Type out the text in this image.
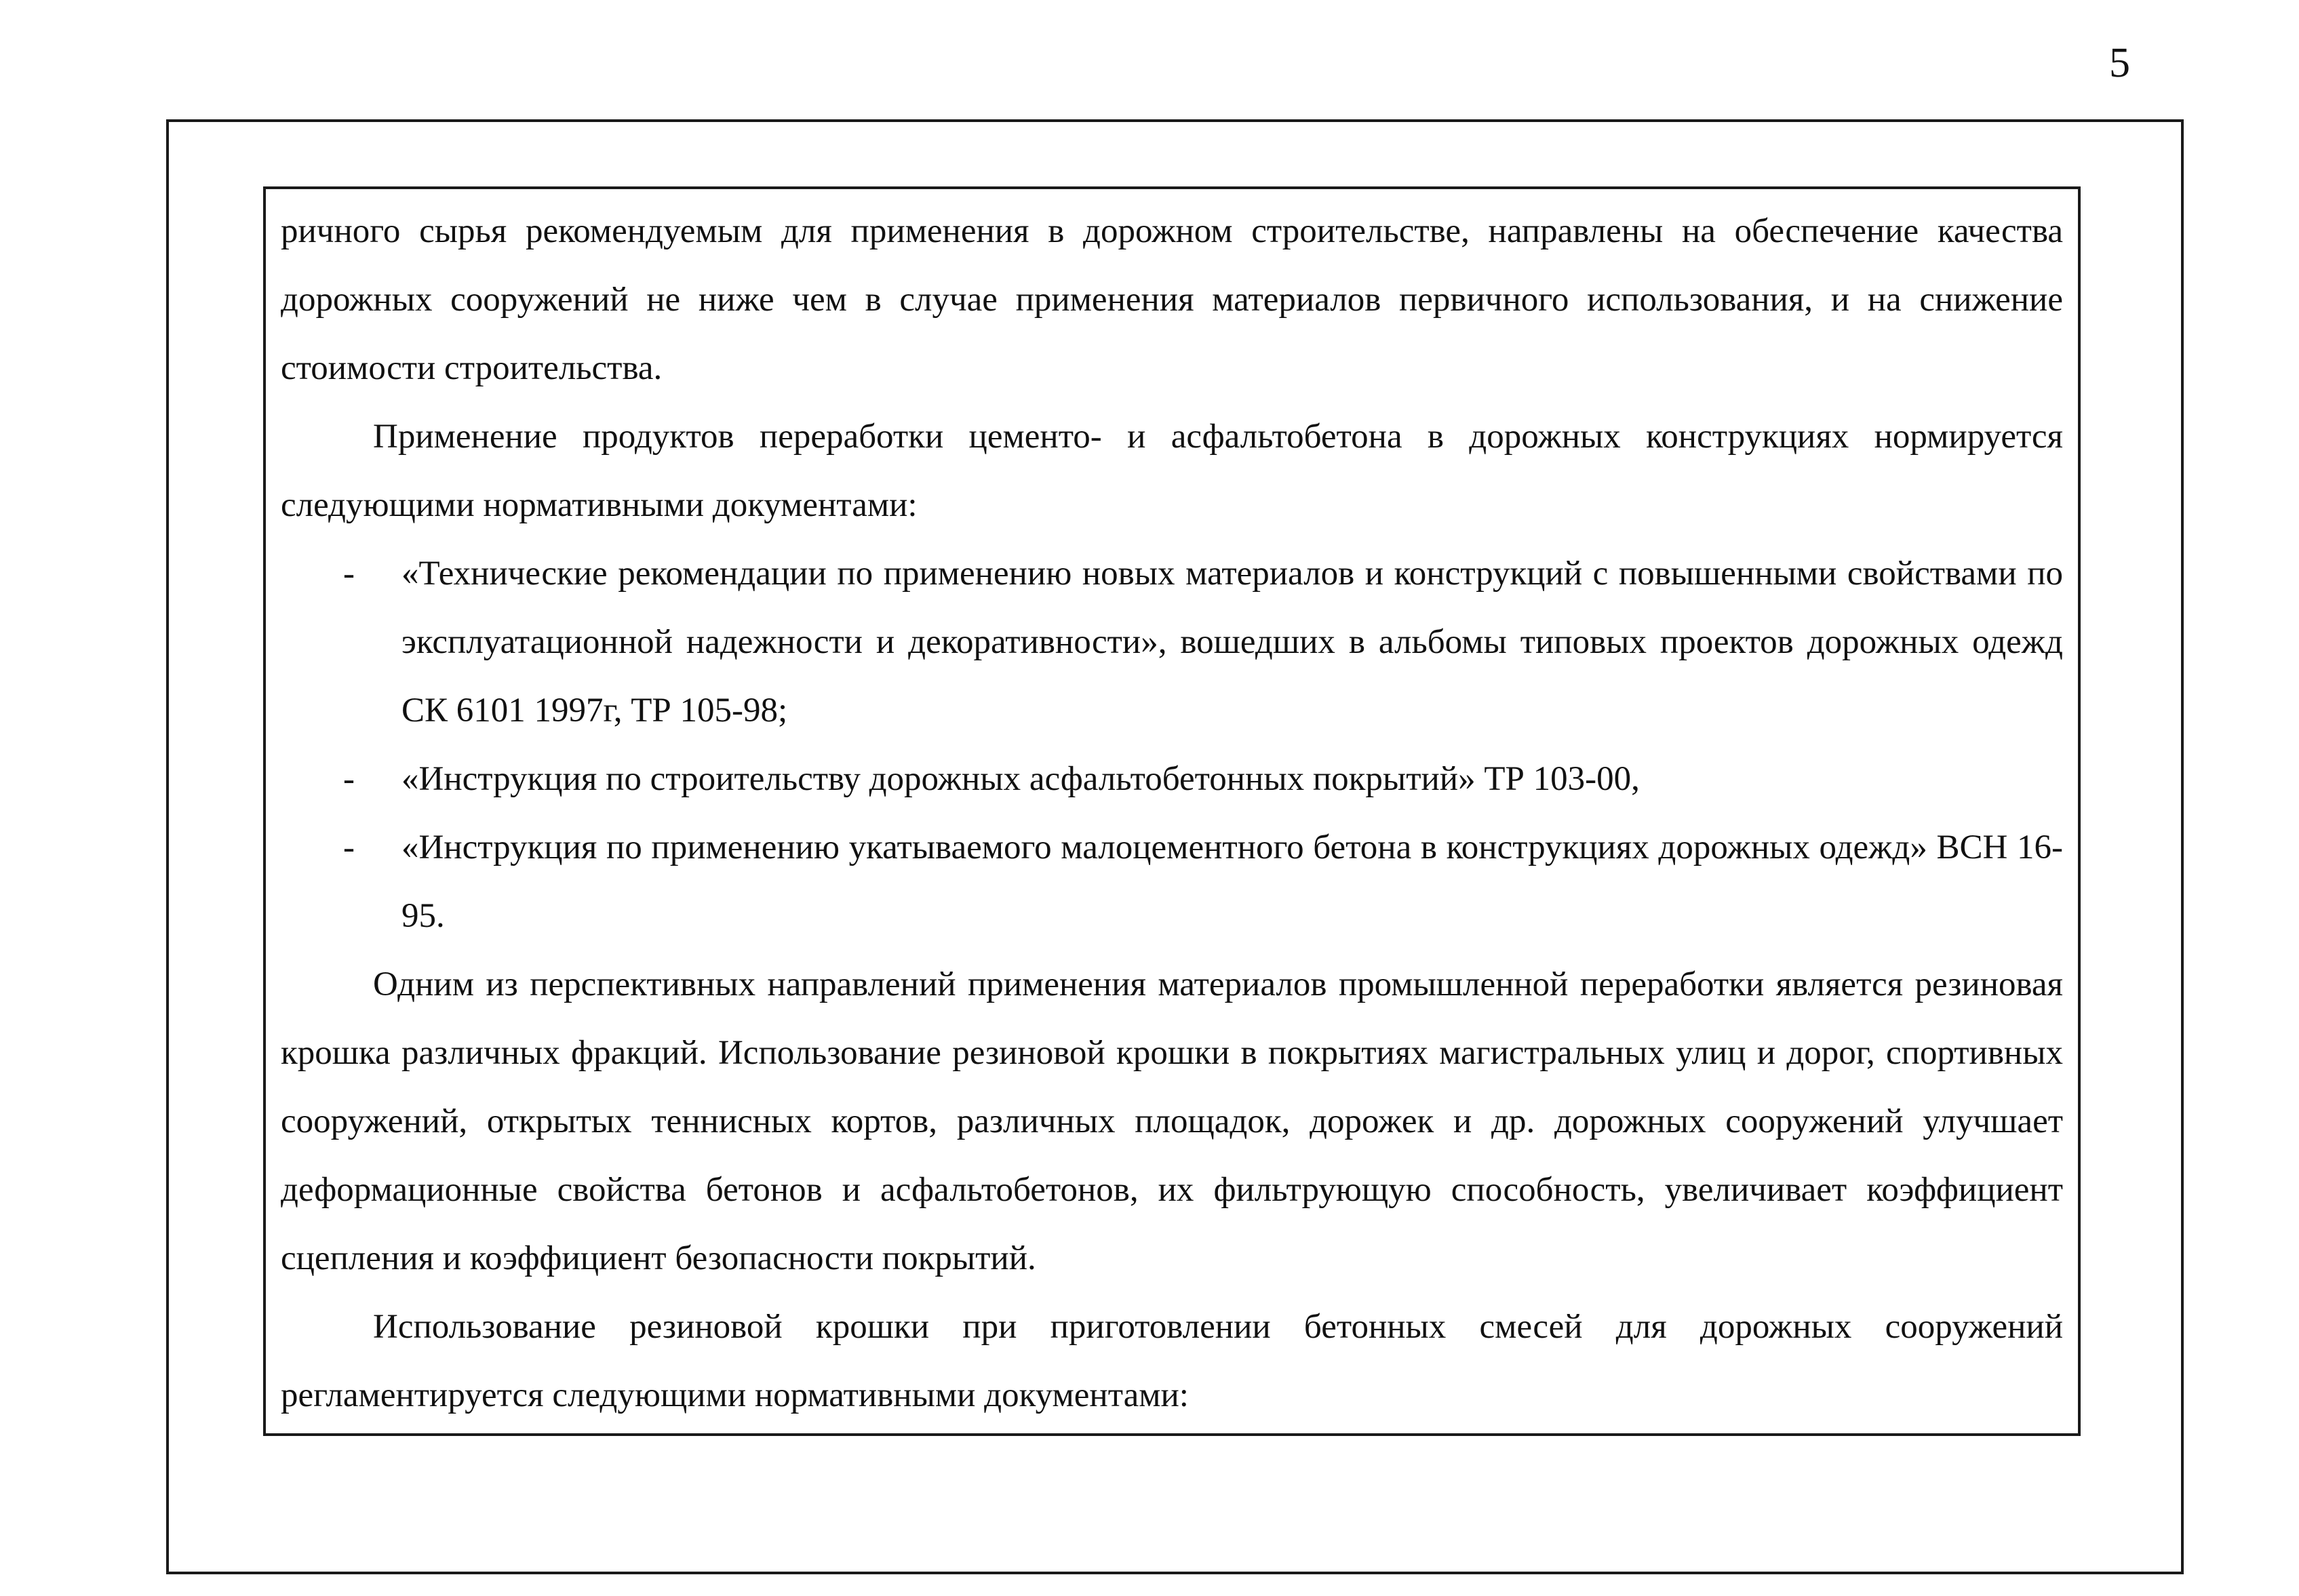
5

ричного сырья рекомендуемым для применения в дорожном строительстве, направлены на обеспечение качества дорожных сооружений не ниже чем в случае применения материалов первичного использования, и на снижение стоимости строительства.

Применение продуктов переработки цементо- и асфальтобетона в дорожных конструкциях нормируется следующими нормативными документами:

- «Технические рекомендации по применению новых материалов и конструкций с повышенными свойствами по эксплуатационной надежности и декоративности», вошедших в альбомы типовых проектов дорожных одежд СК 6101 1997г, ТР 105-98;
- «Инструкция по строительству дорожных асфальтобетонных покрытий» ТР 103-00,
- «Инструкция по применению укатываемого малоцементного бетона в конструкциях дорожных одежд» ВСН 16-95.

Одним из перспективных направлений применения материалов промышленной переработки является резиновая крошка различных фракций. Использование резиновой крошки в покрытиях магистральных улиц и дорог, спортивных сооружений, открытых теннисных кортов, различных площадок, дорожек и др. дорожных сооружений улучшает деформационные свойства бетонов и асфальтобетонов, их фильтрующую способность, увеличивает коэффициент сцепления и коэффициент безопасности покрытий.

Использование резиновой крошки при приготовлении бетонных смесей для дорожных сооружений регламентируется следующими нормативными документами:
